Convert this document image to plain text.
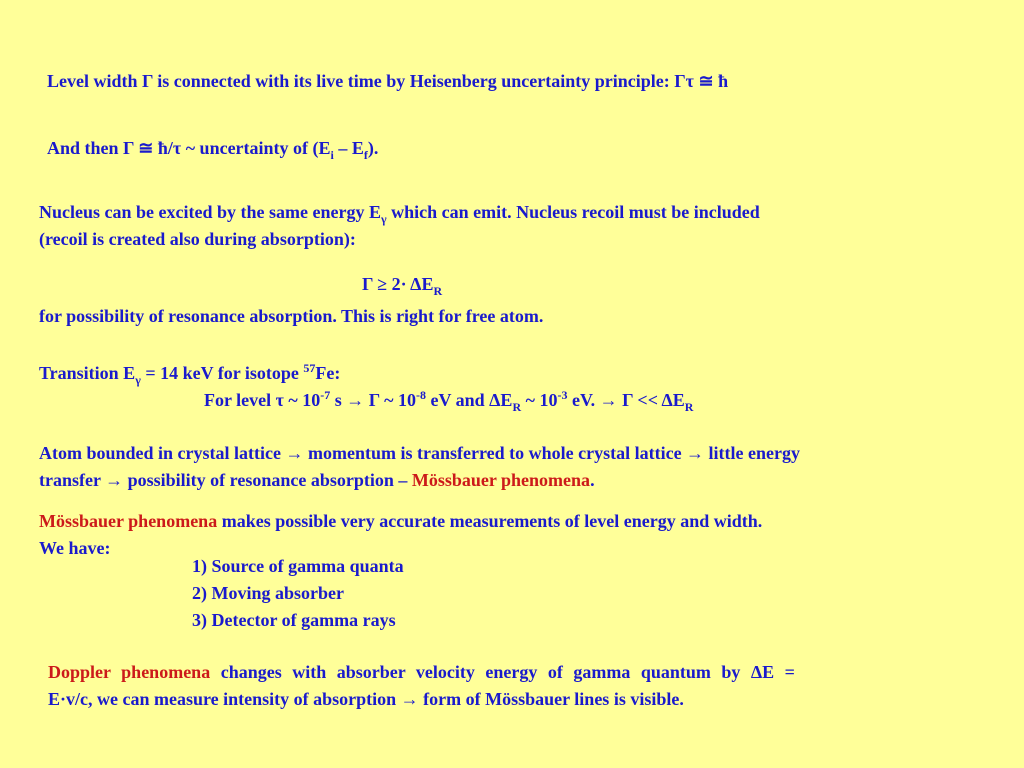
Level width Γ is connected with its live time by Heisenberg uncertainty principle: Γτ ≅ ħ
And then Γ ≅ ħ/τ ~ uncertainty of $(E_i - E_f)$.
Nucleus can be excited by the same energy $E_\gamma$ which can emit. Nucleus recoil must be included
(recoil is created also during absorption):
$\Gamma \ge 2\cdot \Delta E_R$
for possibility of resonance absorption. This is right for free atom.
Transition $E_\gamma = 14$ keV for isotope $^{57}$Fe:
For level τ ~ $10^{-7}$ s → Γ ~ $10^{-8}$ eV and $\Delta E_R$ ~ $10^{-3}$ eV. → $\Gamma << \Delta E_R$
Atom bounded in crystal lattice → momentum is transferred to whole crystal lattice → little energy
transfer → possibility of resonance absorption – Mössbauer phenomena.
Mössbauer phenomena makes possible very accurate measurements of level energy and width.
We have:
1) Source of gamma quanta
2) Moving absorber
3) Detector of gamma rays
Doppler phenomena changes with absorber velocity energy of gamma quantum by ΔE =
E·v/c, we can measure intensity of absorption → form of Mössbauer lines is visible.
